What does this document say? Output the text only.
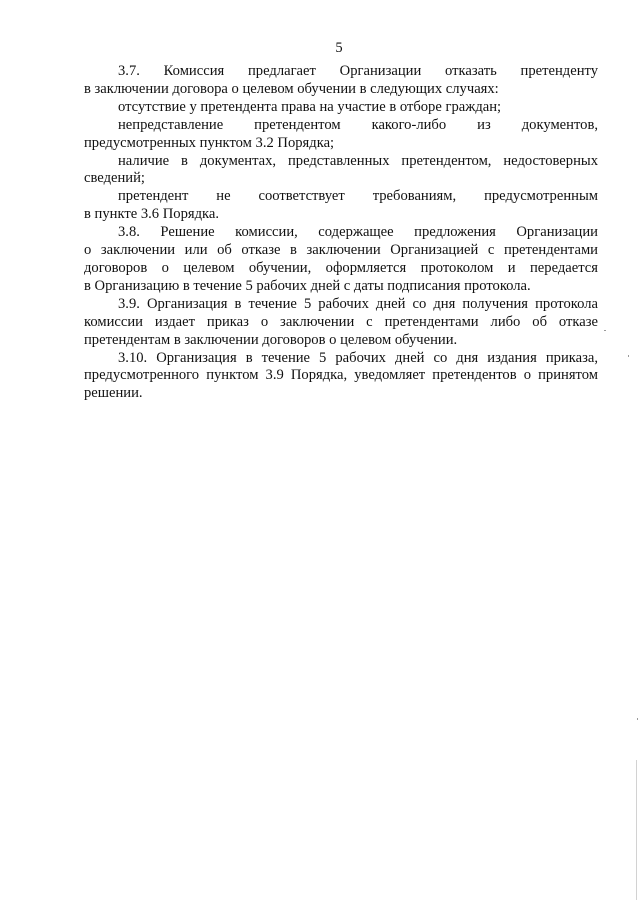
5
3.7. Комиссия предлагает Организации отказать претенденту
в заключении договора о целевом обучении в следующих случаях:
отсутствие у претендента права на участие в отборе граждан;
непредставление претендентом какого-либо из документов,
предусмотренных пунктом 3.2 Порядка;
наличие в документах, представленных претендентом, недостоверных
сведений;
претендент не соответствует требованиям, предусмотренным
в пункте 3.6 Порядка.
3.8. Решение комиссии, содержащее предложения Организации
о заключении или об отказе в заключении Организацией с претендентами
договоров о целевом обучении, оформляется протоколом и передается
в Организацию в течение 5 рабочих дней с даты подписания протокола.
3.9. Организация в течение 5 рабочих дней со дня получения протокола
комиссии издает приказ о заключении с претендентами либо об отказе
претендентам в заключении договоров о целевом обучении.
3.10. Организация в течение 5 рабочих дней со дня издания приказа,
предусмотренного пунктом 3.9 Порядка, уведомляет претендентов о принятом
решении.
